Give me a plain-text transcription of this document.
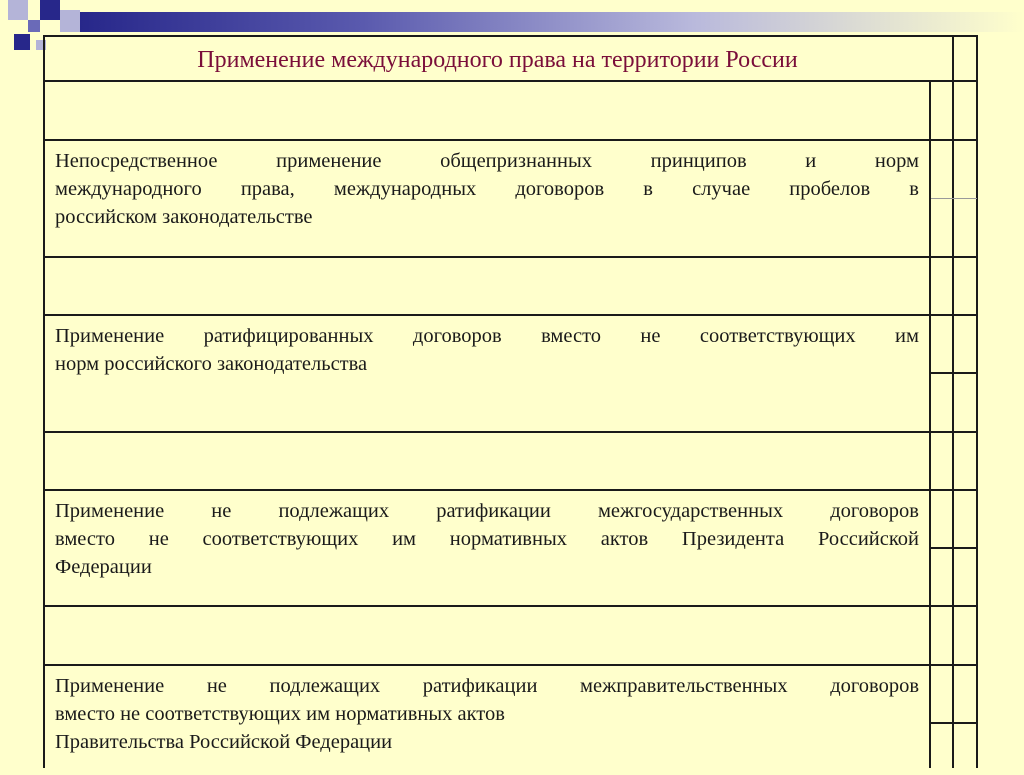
Применение международного права на территории России
Непосредственное применение общепризнанных принципов и норм
международного права, международных договоров в случае пробелов в
российском законодательстве
Применение ратифицированных договоров вместо не соответствующих им
норм российского законодательства
Применение не подлежащих ратификации межгосударственных договоров
вместо не соответствующих им нормативных актов Президента Российской
Федерации
Применение не подлежащих ратификации межправительственных договоров
вместо не соответствующих им нормативных актов
Правительства Российской Федерации
